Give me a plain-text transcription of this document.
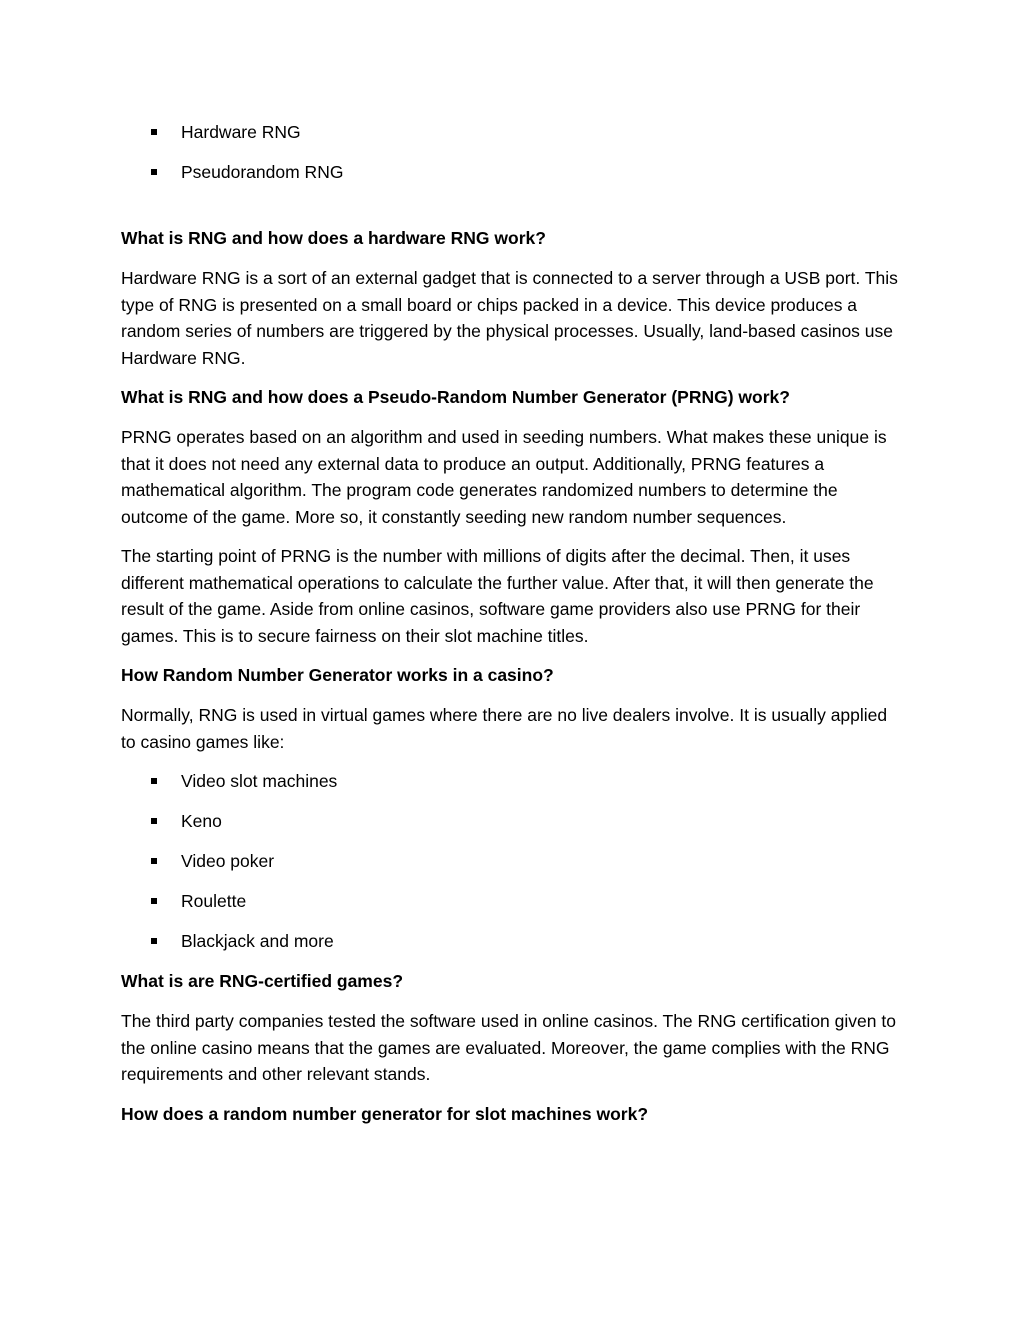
Hardware RNG
Pseudorandom RNG
What is RNG and how does a hardware RNG work?

Hardware RNG is a sort of an external gadget that is connected to a server through a USB port. This type of RNG is presented on a small board or chips packed in a device. This device produces a random series of numbers are triggered by the physical processes. Usually, land-based casinos use Hardware RNG.

What is RNG and how does a Pseudo-Random Number Generator (PRNG) work?

PRNG operates based on an algorithm and used in seeding numbers. What makes these unique is that it does not need any external data to produce an output. Additionally, PRNG features a mathematical algorithm. The program code generates randomized numbers to determine the outcome of the game. More so, it constantly seeding new random number sequences.

The starting point of PRNG is the number with millions of digits after the decimal. Then, it uses different mathematical operations to calculate the further value. After that, it will then generate the result of the game. Aside from online casinos, software game providers also use PRNG for their games. This is to secure fairness on their slot machine titles.

How Random Number Generator works in a casino?

Normally, RNG is used in virtual games where there are no live dealers involve. It is usually applied to casino games like:

Video slot machines
Keno
Video poker
Roulette
Blackjack and more
What is are RNG-certified games?

The third party companies tested the software used in online casinos. The RNG certification given to the online casino means that the games are evaluated. Moreover, the game complies with the RNG requirements and other relevant stands.

How does a random number generator for slot machines work?
